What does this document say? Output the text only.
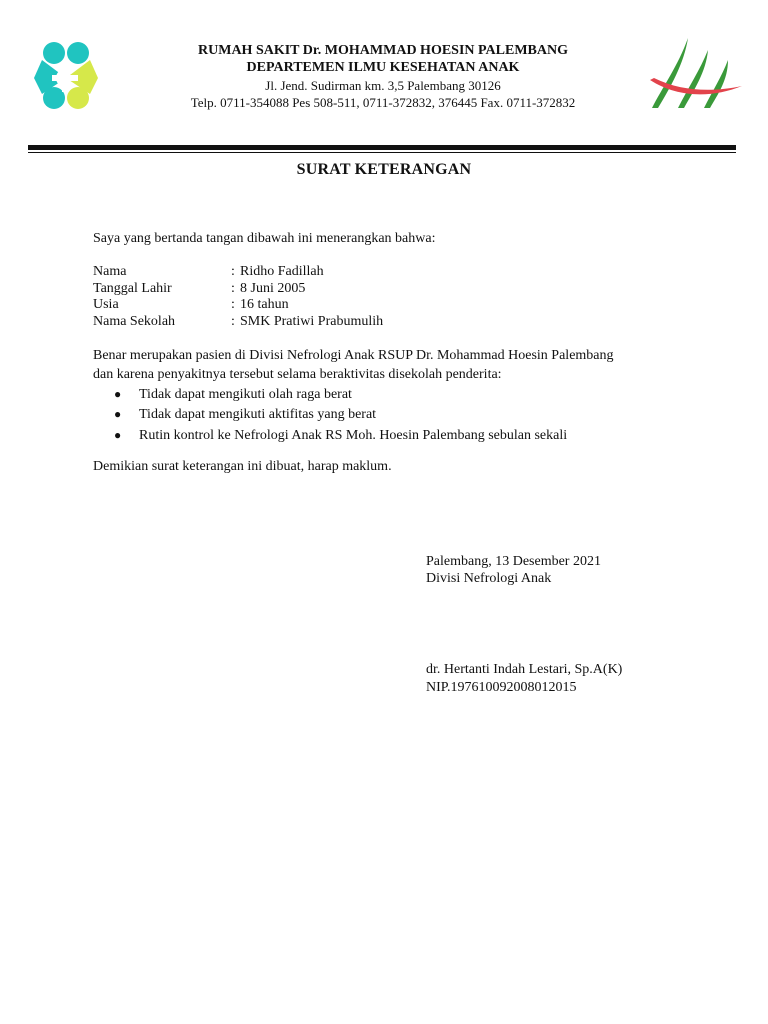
RUMAH SAKIT Dr. MOHAMMAD HOESIN PALEMBANG
DEPARTEMEN ILMU KESEHATAN ANAK
Jl. Jend. Sudirman km. 3,5 Palembang 30126
Telp. 0711-354088 Pes 508-511, 0711-372832, 376445 Fax. 0711-372832
SURAT KETERANGAN
Saya yang bertanda tangan dibawah ini menerangkan bahwa:
Nama	: Ridho Fadillah
Tanggal Lahir	: 8 Juni 2005
Usia	: 16 tahun
Nama Sekolah	: SMK Pratiwi Prabumulih
Benar merupakan pasien di Divisi Nefrologi Anak RSUP Dr. Mohammad Hoesin Palembang
dan karena penyakitnya tersebut selama beraktivitas disekolah penderita:
● Tidak dapat mengikuti olah raga berat
● Tidak dapat mengikuti aktifitas yang berat
● Rutin kontrol ke Nefrologi Anak RS Moh. Hoesin Palembang sebulan sekali
Demikian surat keterangan ini dibuat, harap maklum.
Palembang, 13 Desember 2021
Divisi Nefrologi Anak
dr. Hertanti Indah Lestari, Sp.A(K)
NIP.197610092008012015
